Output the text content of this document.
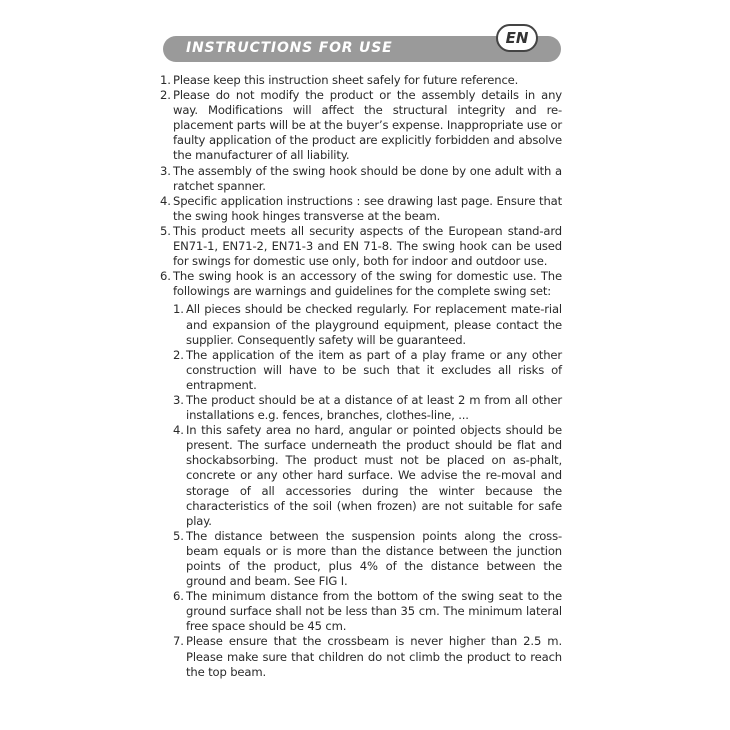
INSTRUCTIONS FOR USE
EN
1. Please keep this instruction sheet safely for future reference.
2. Please do not modify the product or the assembly details in any way. Modifications will affect the structural integrity and re-placement parts will be at the buyer’s expense. Inappropriate use or faulty application of the product are explicitly forbidden and absolve the manufacturer of all liability.
3. The assembly of the swing hook should be done by one adult with a ratchet spanner.
4. Specific application instructions : see drawing last page. Ensure that the swing hook hinges transverse at the beam.
5. This product meets all security aspects of the European stand-ard EN71-1, EN71-2, EN71-3 and EN 71-8. The swing hook can be used for swings for domestic use only, both for indoor and outdoor use.
6. The swing hook is an accessory of the swing for domestic use. The followings are warnings and guidelines for the complete swing set:
1. All pieces should be checked regularly. For replacement mate-rial and expansion of the playground equipment, please contact the supplier. Consequently safety will be guaranteed.
2. The application of the item as part of a play frame or any other construction will have to be such that it excludes all risks of entrapment.
3. The product should be at a distance of at least 2 m from all other installations e.g. fences, branches, clothes-line, ...
4. In this safety area no hard, angular or pointed objects should be present. The surface underneath the product should be flat and shockabsorbing. The product must not be placed on as-phalt, concrete or any other hard surface. We advise the re-moval and storage of all accessories during the winter because the characteristics of the soil (when frozen) are not suitable for safe play.
5. The distance between the suspension points along the cross-beam equals or is more than the distance between the junction points of the product, plus 4% of the distance between the ground and beam. See FIG I.
6. The minimum distance from the bottom of the swing seat to the ground surface shall not be less than 35 cm. The minimum lateral free space should be 45 cm.
7. Please ensure that the crossbeam is never higher than 2.5 m. Please make sure that children do not climb the product to reach the top beam.
